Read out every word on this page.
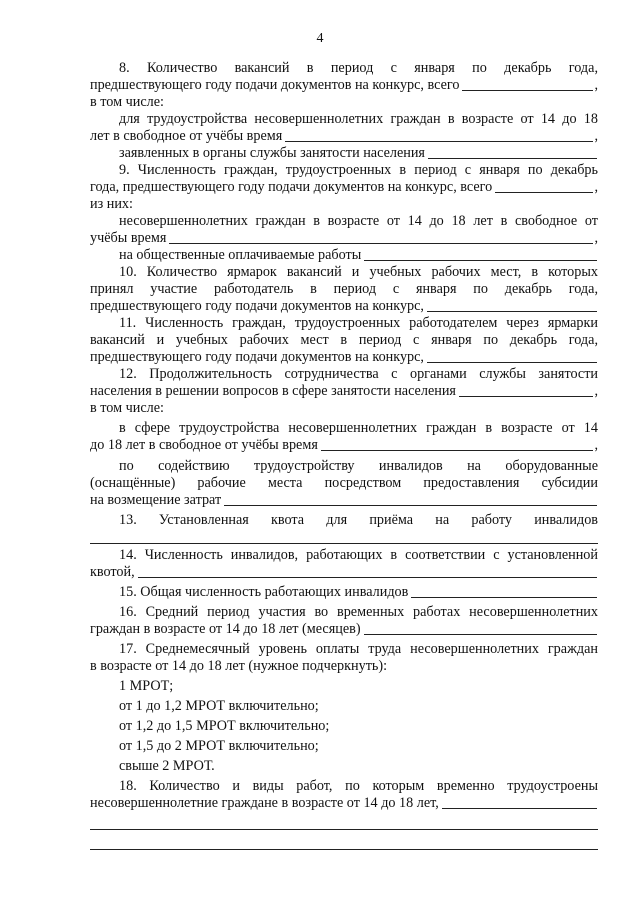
4
8. Количество вакансий в период с января по декабрь года,
предшествующего году подачи документов на конкурс, всего	,
в том числе:
для трудоустройства несовершеннолетних граждан в возрасте от 14 до 18
лет в свободное от учёбы время	,
заявленных в органы службы занятости населения
9. Численность граждан, трудоустроенных в период с января по декабрь
года, предшествующего году подачи документов на конкурс, всего	,
из них:
несовершеннолетних граждан в возрасте от 14 до 18 лет в свободное от
учёбы время	,
на общественные оплачиваемые работы
10. Количество ярмарок вакансий и учебных рабочих мест, в которых
принял участие работодатель в период с января по декабрь года,
предшествующего году подачи документов на конкурс,
11. Численность граждан, трудоустроенных работодателем через ярмарки
вакансий и учебных рабочих мест в период с января по декабрь года,
предшествующего году подачи документов на конкурс,
12. Продолжительность сотрудничества с органами службы занятости
населения в решении вопросов в сфере занятости населения	,
в том числе:
в сфере трудоустройства несовершеннолетних граждан в возрасте от 14
до 18 лет в свободное от учёбы время	,
по содействию трудоустройству инвалидов на оборудованные
(оснащённые) рабочие места посредством предоставления субсидии
на возмещение затрат
13. Установленная квота для приёма на работу инвалидов
14. Численность инвалидов, работающих в соответствии с установленной
квотой,
15. Общая численность работающих инвалидов
16. Средний период участия во временных работах несовершеннолетних
граждан в возрасте от 14 до 18 лет (месяцев)
17. Среднемесячный уровень оплаты труда несовершеннолетних граждан
в возрасте от 14 до 18 лет (нужное подчеркнуть):
1 МРОТ;
от 1 до 1,2 МРОТ включительно;
от 1,2 до 1,5 МРОТ включительно;
от 1,5 до 2 МРОТ включительно;
свыше 2 МРОТ.
18. Количество и виды работ, по которым временно трудоустроены
несовершеннолетние граждане в возрасте от 14 до 18 лет,
